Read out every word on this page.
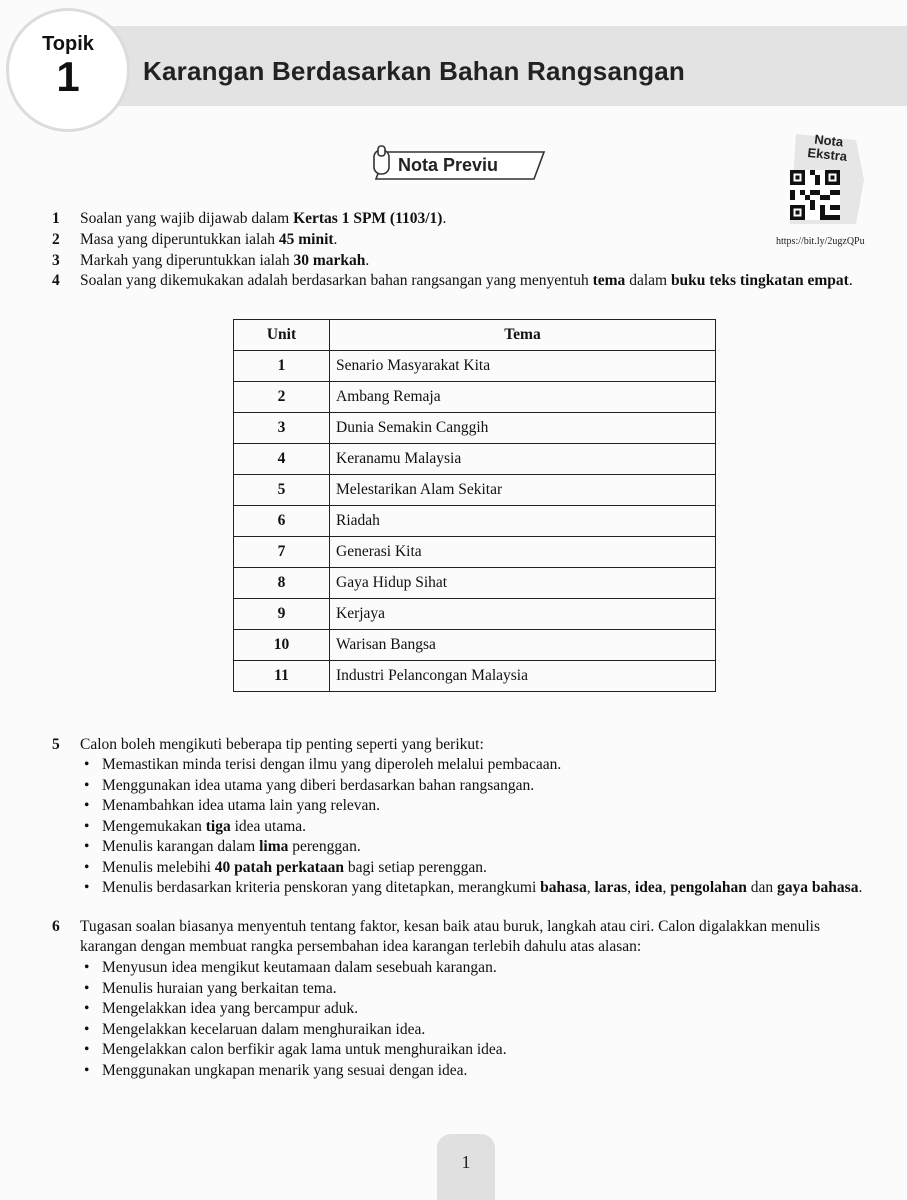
Topik
1	Karangan Berdasarkan Bahan Rangsangan
Nota Previu
Nota
Ekstra
https://bit.ly/2ugzQPu
1 Soalan yang wajib dijawab dalam Kertas 1 SPM (1103/1).
2 Masa yang diperuntukkan ialah 45 minit.
3 Markah yang diperuntukkan ialah 30 markah.
4 Soalan yang dikemukakan adalah berdasarkan bahan rangsangan yang menyentuh tema dalam buku teks tingkatan empat.
Unit	Tema
1	Senario Masyarakat Kita
2	Ambang Remaja
3	Dunia Semakin Canggih
4	Keranamu Malaysia
5	Melestarikan Alam Sekitar
6	Riadah
7	Generasi Kita
8	Gaya Hidup Sihat
9	Kerjaya
10	Warisan Bangsa
11	Industri Pelancongan Malaysia
5 Calon boleh mengikuti beberapa tip penting seperti yang berikut:
• Memastikan minda terisi dengan ilmu yang diperoleh melalui pembacaan.
• Menggunakan idea utama yang diberi berdasarkan bahan rangsangan.
• Menambahkan idea utama lain yang relevan.
• Mengemukakan tiga idea utama.
• Menulis karangan dalam lima perenggan.
• Menulis melebihi 40 patah perkataan bagi setiap perenggan.
• Menulis berdasarkan kriteria penskoran yang ditetapkan, merangkumi bahasa, laras, idea, pengolahan dan gaya bahasa.
6 Tugasan soalan biasanya menyentuh tentang faktor, kesan baik atau buruk, langkah atau ciri. Calon digalakkan menulis karangan dengan membuat rangka persembahan idea karangan terlebih dahulu atas alasan:
• Menyusun idea mengikut keutamaan dalam sesebuah karangan.
• Menulis huraian yang berkaitan tema.
• Mengelakkan idea yang bercampur aduk.
• Mengelakkan kecelaruan dalam menghuraikan idea.
• Mengelakkan calon berfikir agak lama untuk menghuraikan idea.
• Menggunakan ungkapan menarik yang sesuai dengan idea.
1
